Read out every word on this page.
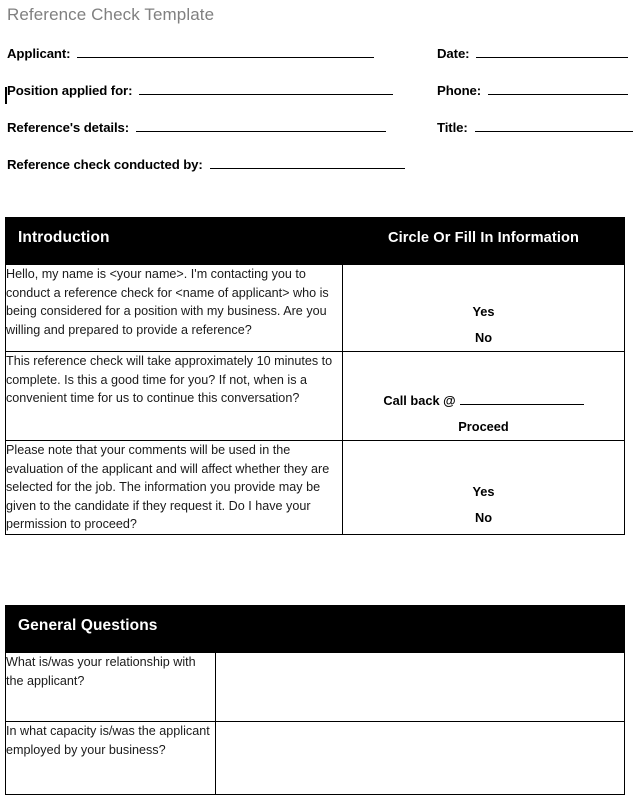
Reference Check Template
Applicant:	Date:
Position applied for:	Phone:
Reference's details:	Title:
Reference check conducted by:
Introduction	Circle Or Fill In Information

Hello, my name is <your name>. I'm contacting you to conduct a reference check for <name of applicant> who is being considered for a position with my business. Are you willing and prepared to provide a reference?	Yes
No

This reference check will take approximately 10 minutes to complete. Is this a good time for you? If not, when is a convenient time for us to continue this conversation?	Call back @
Proceed

Please note that your comments will be used in the evaluation of the applicant and will affect whether they are selected for the job. The information you provide may be given to the candidate if they request it. Do I have your permission to proceed?	Yes
No
General Questions	

What is/was your relationship with the applicant?	
In what capacity is/was the applicant employed by your business?	
